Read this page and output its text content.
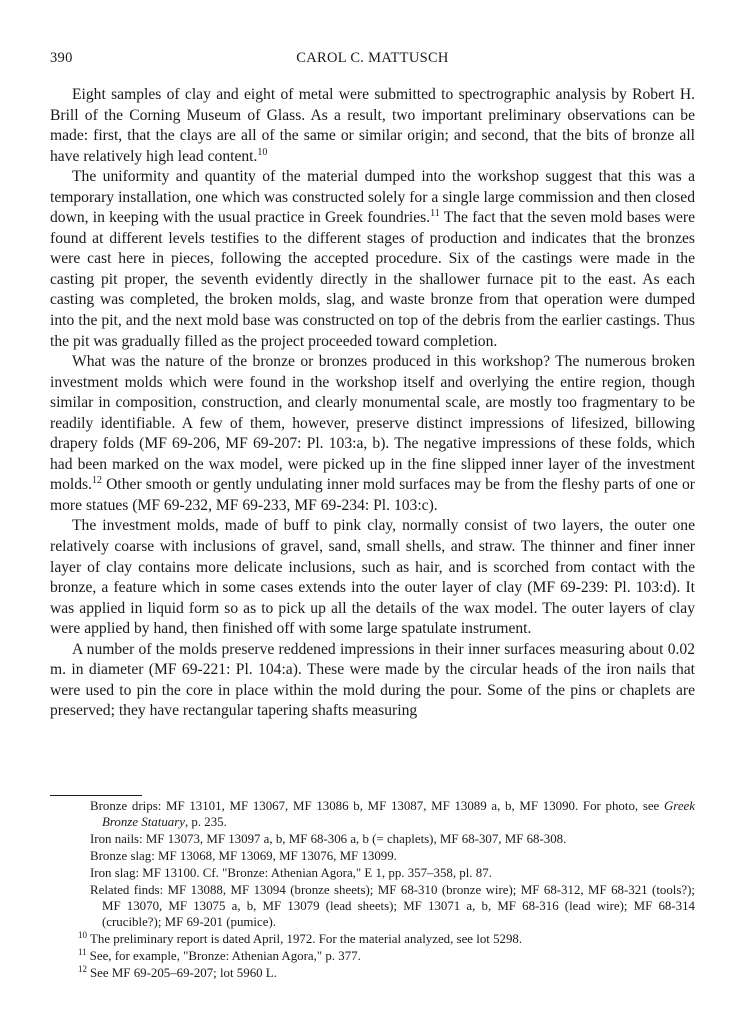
390	CAROL C. MATTUSCH

Eight samples of clay and eight of metal were submitted to spectrographic analysis by Robert H. Brill of the Corning Museum of Glass. As a result, two important preliminary observations can be made: first, that the clays are all of the same or similar origin; and second, that the bits of bronze all have relatively high lead content.$^{10}$

The uniformity and quantity of the material dumped into the workshop suggest that this was a temporary installation, one which was constructed solely for a single large commission and then closed down, in keeping with the usual practice in Greek foundries.$^{11}$ The fact that the seven mold bases were found at different levels testifies to the different stages of production and indicates that the bronzes were cast here in pieces, following the accepted procedure. Six of the castings were made in the casting pit proper, the seventh evidently directly in the shallower furnace pit to the east. As each casting was completed, the broken molds, slag, and waste bronze from that operation were dumped into the pit, and the next mold base was constructed on top of the debris from the earlier castings. Thus the pit was gradually filled as the project proceeded toward completion.

What was the nature of the bronze or bronzes produced in this workshop? The numerous broken investment molds which were found in the workshop itself and overlying the entire region, though similar in composition, construction, and clearly monumental scale, are mostly too fragmentary to be readily identifiable. A few of them, however, preserve distinct impressions of lifesized, billowing drapery folds (MF 69-206, MF 69-207: Pl. 103:a, b). The negative impressions of these folds, which had been marked on the wax model, were picked up in the fine slipped inner layer of the investment molds.$^{12}$ Other smooth or gently undulating inner mold surfaces may be from the fleshy parts of one or more statues (MF 69-232, MF 69-233, MF 69-234: Pl. 103:c).

The investment molds, made of buff to pink clay, normally consist of two layers, the outer one relatively coarse with inclusions of gravel, sand, small shells, and straw. The thinner and finer inner layer of clay contains more delicate inclusions, such as hair, and is scorched from contact with the bronze, a feature which in some cases extends into the outer layer of clay (MF 69-239: Pl. 103:d). It was applied in liquid form so as to pick up all the details of the wax model. The outer layers of clay were applied by hand, then finished off with some large spatulate instrument.

A number of the molds preserve reddened impressions in their inner surfaces measuring about 0.02 m. in diameter (MF 69-221: Pl. 104:a). These were made by the circular heads of the iron nails that were used to pin the core in place within the mold during the pour. Some of the pins or chaplets are preserved; they have rectangular tapering shafts measuring

Bronze drips: MF 13101, MF 13067, MF 13086 b, MF 13087, MF 13089 a, b, MF 13090. For photo, see Greek Bronze Statuary, p. 235.

Iron nails: MF 13073, MF 13097 a, b, MF 68-306 a, b (= chaplets), MF 68-307, MF 68-308.

Bronze slag: MF 13068, MF 13069, MF 13076, MF 13099.

Iron slag: MF 13100. Cf. "Bronze: Athenian Agora," E 1, pp. 357–358, pl. 87.

Related finds: MF 13088, MF 13094 (bronze sheets); MF 68-310 (bronze wire); MF 68-312, MF 68-321 (tools?); MF 13070, MF 13075 a, b, MF 13079 (lead sheets); MF 13071 a, b, MF 68-316 (lead wire); MF 68-314 (crucible?); MF 69-201 (pumice).

$^{10}$ The preliminary report is dated April, 1972. For the material analyzed, see lot 5298.

$^{11}$ See, for example, "Bronze: Athenian Agora," p. 377.

$^{12}$ See MF 69-205–69-207; lot 5960 L.
